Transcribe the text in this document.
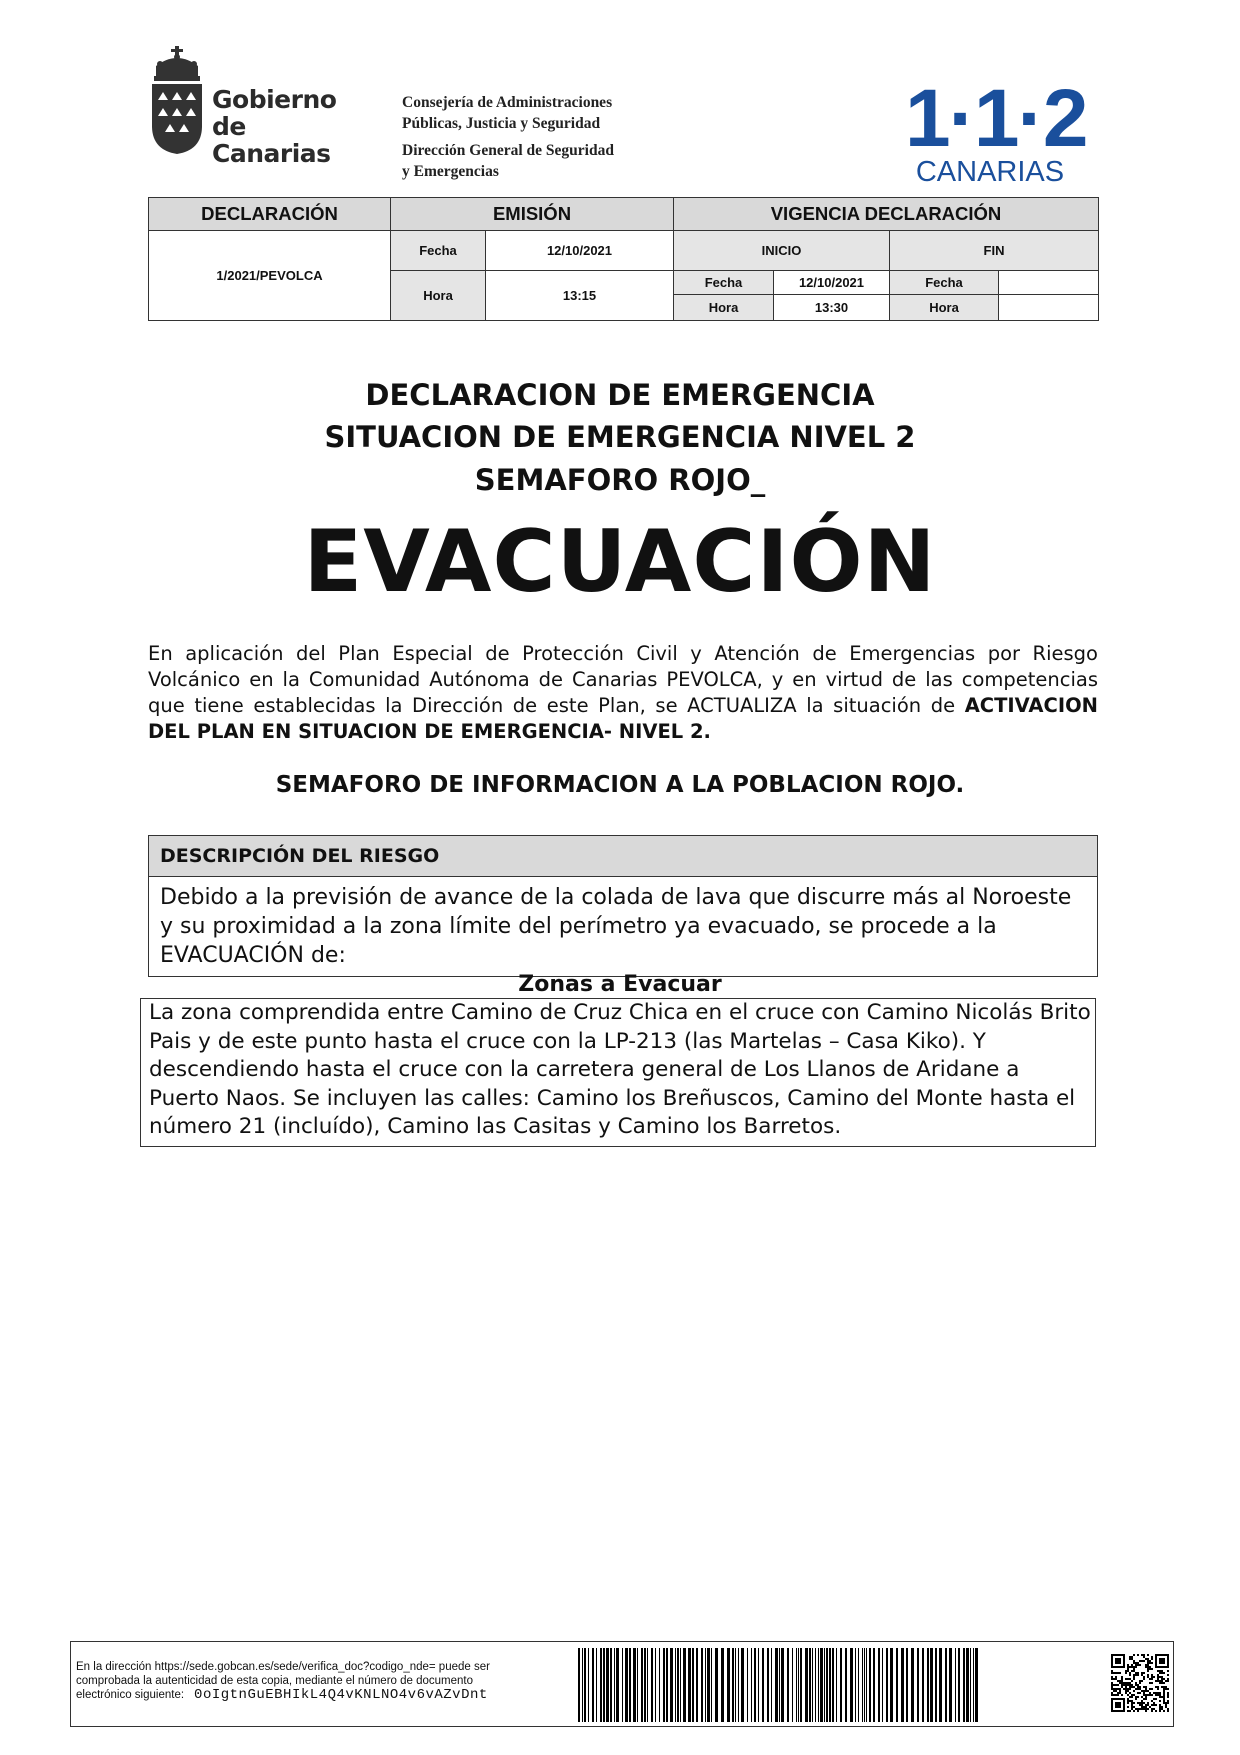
Gobierno
de Canarias
Consejería de Administraciones
Públicas, Justicia y Seguridad
Dirección General de Seguridad
y Emergencias
1·1·2
CANARIAS
DECLARACIÓN	EMISIÓN		VIGENCIA DECLARACIÓN			
1/2021/PEVOLCA	Fecha	12/10/2021	INICIO		FIN	
	Hora	13:15	Fecha	12/10/2021	Fecha	
			Hora	13:30	Hora	
DECLARACION DE EMERGENCIA
SITUACION DE EMERGENCIA NIVEL 2
SEMAFORO ROJO_
EVACUACIÓN
En aplicación del Plan Especial de Protección Civil y Atención de Emergencias por Riesgo Volcánico en la Comunidad Autónoma de Canarias PEVOLCA, y en virtud de las competencias que tiene establecidas la Dirección de este Plan, se ACTUALIZA la situación de ACTIVACION DEL PLAN EN SITUACION DE EMERGENCIA- NIVEL 2.
SEMAFORO DE INFORMACION A LA POBLACION ROJO.
DESCRIPCIÓN DEL RIESGO
Debido a la previsión de avance de la colada de lava que discurre más al Noroeste y su proximidad a la zona límite del perímetro ya evacuado, se procede a la EVACUACIÓN de:
Zonas a Evacuar
La zona comprendida entre Camino de Cruz Chica en el cruce con Camino Nicolás Brito Pais y de este punto hasta el cruce con la LP-213 (las Martelas – Casa Kiko). Y descendiendo hasta el cruce con la carretera general de Los Llanos de Aridane a Puerto Naos. Se incluyen las calles: Camino los Breñuscos, Camino del Monte hasta el número 21 (incluído), Camino las Casitas y Camino los Barretos.
En la dirección https://sede.gobcan.es/sede/verifica_doc?codigo_nde= puede ser
comprobada la autenticidad de esta copia, mediante el número de documento
electrónico siguiente: 0oIgtnGuEBHIkL4Q4vKNLNO4v6vAZvDnt
